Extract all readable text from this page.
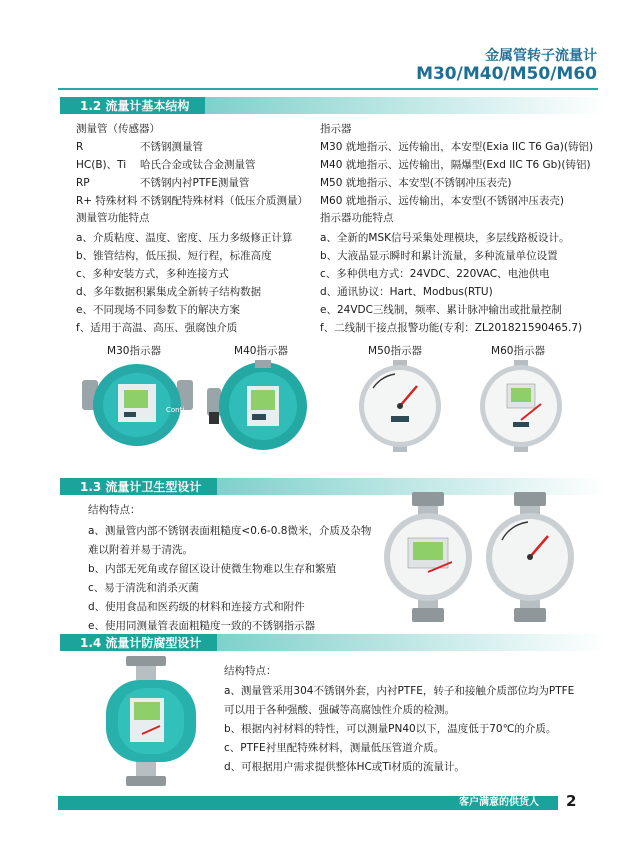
金属管转子流量计
M30/M40/M50/M60
1.2 流量计基本结构
测量管（传感器）
R	不锈钢测量管
HC(B)、Ti 哈氏合金或钛合金测量管
RP	不锈钢内衬PTFE测量管
R+ 特殊材料 不锈钢配特殊材料（低压介质测量）
测量管功能特点
a、介质粘度、温度、密度、压力多级修正计算
b、锥管结构，低压损、短行程，标准高度
c、多种安装方式，多种连接方式
d、多年数据积累集成全新转子结构数据
e、不同现场不同参数下的解决方案
f、适用于高温、高压、强腐蚀介质
指示器
M30 就地指示、远传输出，本安型(Exia IIC T6 Ga)(铸铝)
M40 就地指示、远传输出，隔爆型(Exd IIC T6 Gb)(铸铝)
M50 就地指示、本安型(不锈钢冲压表壳)
M60 就地指示、远传输出，本安型(不锈钢冲压表壳)
指示器功能特点
a、全新的MSK信号采集处理模块，多层线路板设计。
b、大液晶显示瞬时和累计流量，多种流量单位设置
c、多种供电方式：24VDC、220VAC、电池供电
d、通讯协议：Hart、Modbus(RTU)
e、24VDC三线制，频率、累计脉冲输出或批量控制
f、二线制干接点报警功能(专利：ZL201821590465.7)
M30指示器	M40指示器	M50指示器	M60指示器
Conti
1.3 流量计卫生型设计
结构特点：
a、测量管内部不锈钢表面粗糙度<0.6-0.8微米，介质及杂物
难以附着并易于清洗。
b、内部无死角或存留区设计使微生物难以生存和繁殖
c、易于清洗和消杀灭菌
d、使用食品和医药级的材料和连接方式和附件
e、使用同测量管表面粗糙度一致的不锈钢指示器
1.4 流量计防腐型设计
结构特点：
a、测量管采用304不锈钢外套，内衬PTFE，转子和接触介质部位均为PTFE
可以用于各种强酸、强碱等高腐蚀性介质的检测。
b、根据内衬材料的特性，可以测量PN40以下，温度低于70℃的介质。
c、PTFE衬里配特殊材料，测量低压管道介质。
d、可根据用户需求提供整体HC或Ti材质的流量计。
客户满意的供货人	2
